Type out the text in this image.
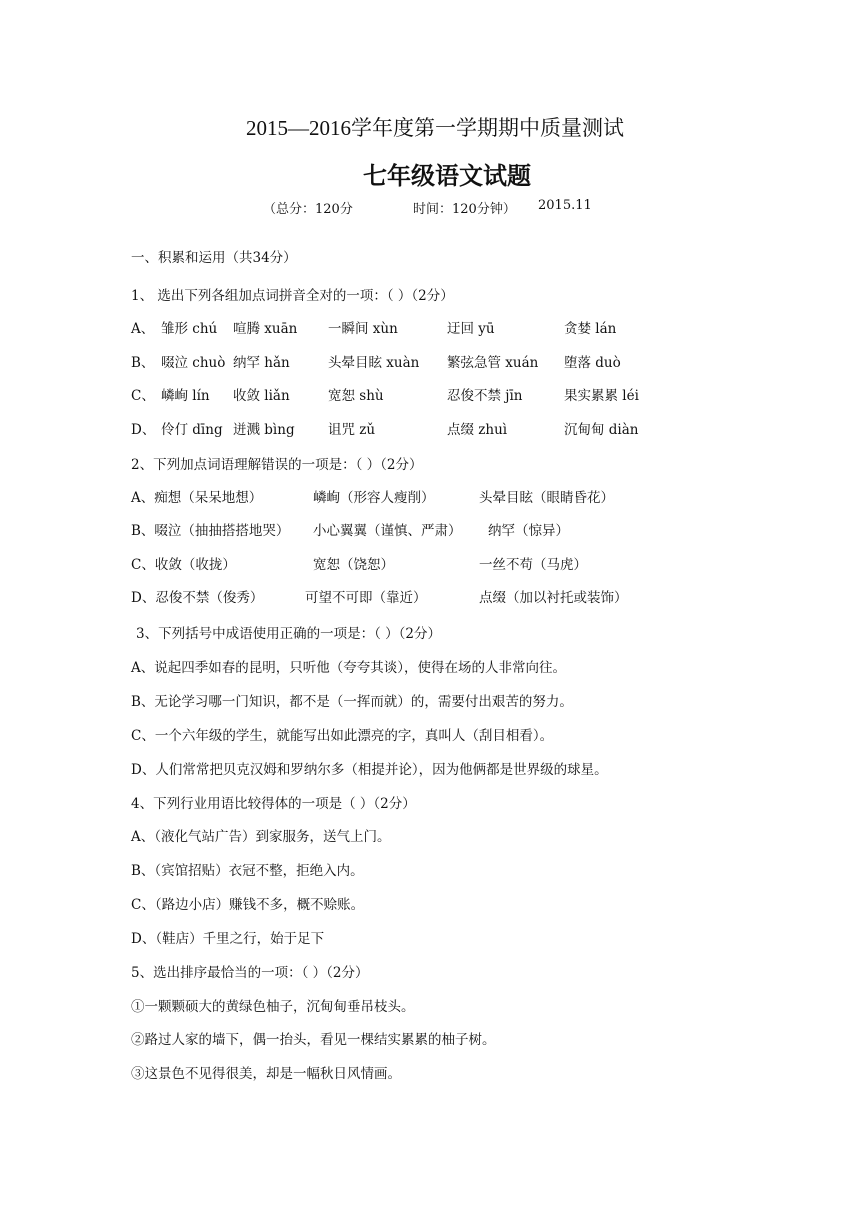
2015—2016学年度第一学期期中质量测试
七年级语文试题
（总分：120分	时间：120分钟） 2015.11
一、积累和运用（共34分）
1、 选出下列各组加点词拼音全对的一项：（ ）（2分）
A、 雏形 chú 喧腾 xuān 一瞬间 xùn	迂回 yū	贪婪 lán
B、 啜泣 chuò 纳罕 hǎn	头晕目眩 xuàn 繁弦急管 xuán 堕落 duò
C、 嶙峋 lín 收敛 liǎn	宽恕 shù	忍俊不禁 jīn	果实累累 léi
D、 伶仃 dīng 迸溅 bìng 诅咒 zǔ	点缀 zhuì	沉甸甸 diàn
2、下列加点词语理解错误的一项是：（ ）（2分）
A、痴想（呆呆地想）	嶙峋（形容人瘦削）	头晕目眩（眼睛昏花）
B、啜泣（抽抽搭搭地哭） 小心翼翼（谨慎、严肃） 纳罕（惊异）
C、收敛（收拢）	宽恕（饶恕）	一丝不苟（马虎）
D、忍俊不禁（俊秀）	可望不可即（靠近）	点缀（加以衬托或装饰）
3、下列括号中成语使用正确的一项是：（ ）（2分）
A、说起四季如春的昆明，只听他（夸夸其谈），使得在场的人非常向往。
B、无论学习哪一门知识，都不是（一挥而就）的，需要付出艰苦的努力。
C、一个六年级的学生，就能写出如此漂亮的字，真叫人（刮目相看）。
D、人们常常把贝克汉姆和罗纳尔多（相提并论），因为他俩都是世界级的球星。
4、下列行业用语比较得体的一项是（ ）（2分）
A、（液化气站广告）到家服务，送气上门。
B、（宾馆招贴）衣冠不整，拒绝入内。
C、（路边小店）赚钱不多，概不赊账。
D、（鞋店）千里之行，始于足下
5、选出排序最恰当的一项：（ ）（2分）
①一颗颗硕大的黄绿色柚子，沉甸甸垂吊枝头。
②路过人家的墙下，偶一抬头，看见一棵结实累累的柚子树。
③这景色不见得很美，却是一幅秋日风情画。
